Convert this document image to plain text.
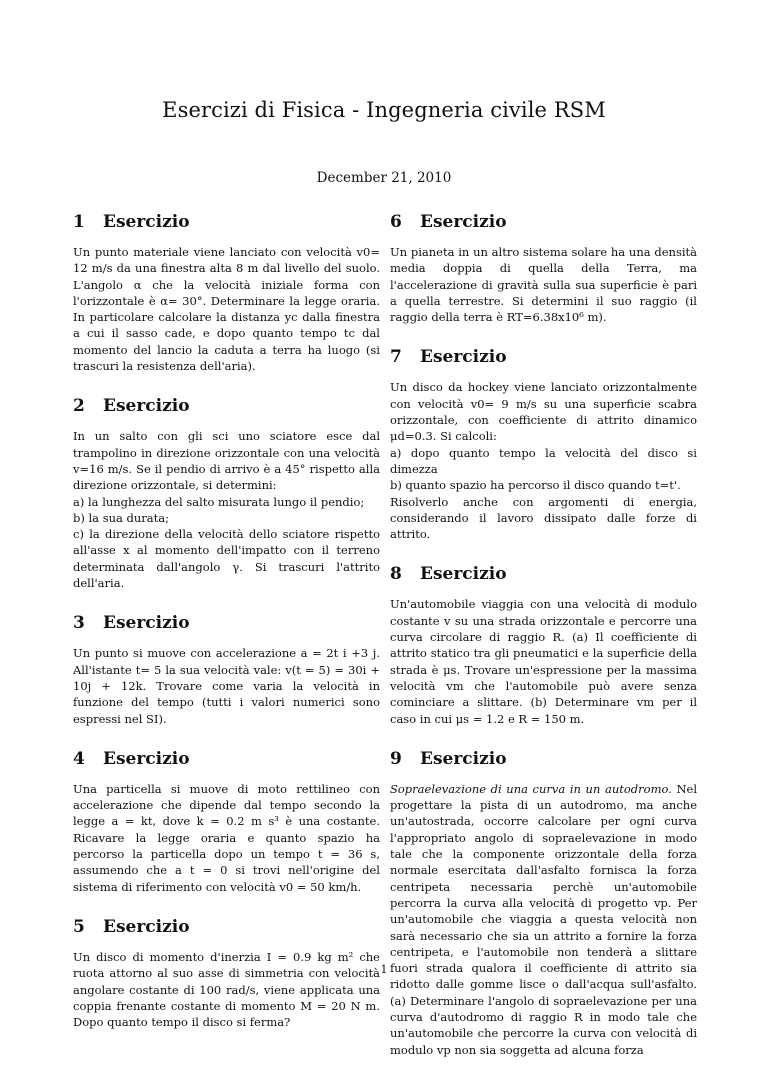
Esercizi di Fisica - Ingegneria civile RSM
December 21, 2010
1	Esercizio

Un punto materiale viene lanciato con velocità v0= 12 m/s da una finestra alta 8 m dal livello del suolo. L'angolo α che la velocità iniziale forma con l'orizzontale è α= 30°. Determinare la legge oraria. In particolare calcolare la distanza yc dalla finestra a cui il sasso cade, e dopo quanto tempo tc dal momento del lancio la caduta a terra ha luogo (si trascuri la resistenza dell'aria).

2	Esercizio

In un salto con gli sci uno sciatore esce dal trampolino in direzione orizzontale con una velocità v=16 m/s. Se il pendio di arrivo è a 45° rispetto alla direzione orizzontale, si determini:
a) la lunghezza del salto misurata lungo il pendio;
b) la sua durata;
c) la direzione della velocità dello sciatore rispetto all'asse x al momento dell'impatto con il terreno determinata dall'angolo γ. Si trascuri l'attrito dell'aria.

3	Esercizio

Un punto si muove con accelerazione a = 2t i +3 j. All'istante t= 5 la sua velocità vale: v(t = 5) = 30i + 10j + 12k. Trovare come varia la velocità in funzione del tempo (tutti i valori numerici sono espressi nel SI).

4	Esercizio

Una particella si muove di moto rettilineo con accelerazione che dipende dal tempo secondo la legge a = kt, dove k = 0.2 m s³ è una costante. Ricavare la legge oraria e quanto spazio ha percorso la particella dopo un tempo t = 36 s, assumendo che a t = 0 si trovi nell'origine del sistema di riferimento con velocità v0 = 50 km/h.

5	Esercizio

Un disco di momento d'inerzia I = 0.9 kg m² che ruota attorno al suo asse di simmetria con velocità angolare costante di 100 rad/s, viene applicata una coppia frenante costante di momento M = 20 N m. Dopo quanto tempo il disco si ferma?

6	Esercizio

Un pianeta in un altro sistema solare ha una densità media doppia di quella della Terra, ma l'accelerazione di gravità sulla sua superficie è pari a quella terrestre. Si determini il suo raggio (il raggio della terra è RT=6.38x10⁶ m).

7	Esercizio

Un disco da hockey viene lanciato orizzontalmente con velocità v0= 9 m/s su una superficie scabra orizzontale, con coefficiente di attrito dinamico μd=0.3. Si calcoli:
a) dopo quanto tempo la velocità del disco si dimezza
b) quanto spazio ha percorso il disco quando t=t'.
Risolverlo anche con argomenti di energia, considerando il lavoro dissipato dalle forze di attrito.

8	Esercizio

Un'automobile viaggia con una velocità di modulo costante v su una strada orizzontale e percorre una curva circolare di raggio R. (a) Il coefficiente di attrito statico tra gli pneumatici e la superficie della strada è μs. Trovare un'espressione per la massima velocità vm che l'automobile può avere senza cominciare a slittare. (b) Determinare vm per il caso in cui μs = 1.2 e R = 150 m.

9	Esercizio

Sopraelevazione di una curva in un autodromo. Nel progettare la pista di un autodromo, ma anche un'autostrada, occorre calcolare per ogni curva l'appropriato angolo di sopraelevazione in modo tale che la componente orizzontale della forza normale esercitata dall'asfalto fornisca la forza centripeta necessaria perchè un'automobile percorra la curva alla velocità di progetto vp. Per un'automobile che viaggia a questa velocità non sarà necessario che sia un attrito a fornire la forza centripeta, e l'automobile non tenderà a slittare fuori strada qualora il coefficiente di attrito sia ridotto dalle gomme lisce o dall'acqua sull'asfalto. (a) Determinare l'angolo di sopraelevazione per una curva d'autodromo di raggio R in modo tale che un'automobile che percorre la curva con velocità di modulo vp non sia soggetta ad alcuna forza

1
